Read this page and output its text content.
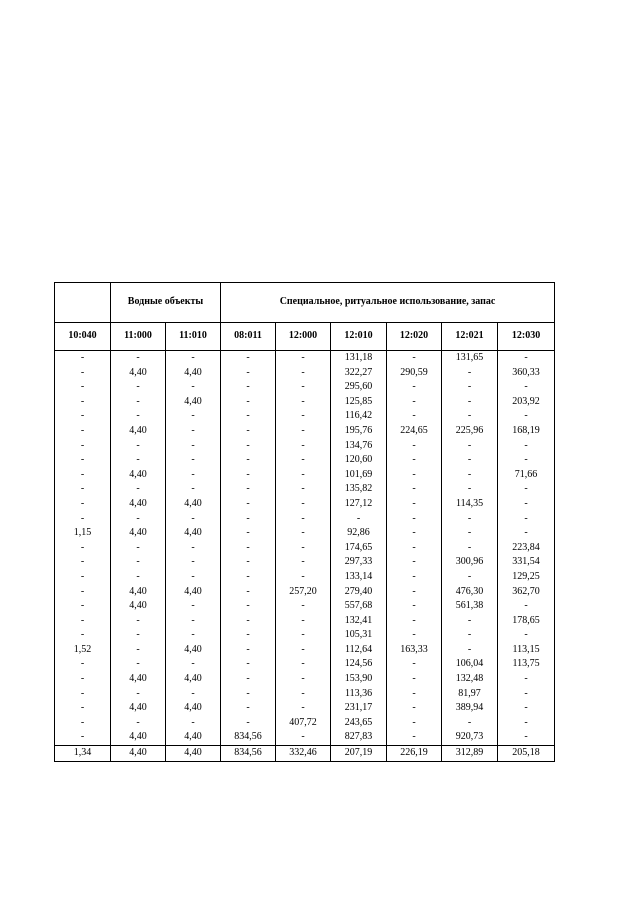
	Водные объекты		Специальное, ритуальное использование, запас					
10:040	11:000	11:010	08:011	12:000	12:010	12:020	12:021	12:030
-	-	-	-	-	131,18	-	131,65	-
-	4,40	4,40	-	-	322,27	290,59	-	360,33
-	-	-	-	-	295,60	-	-	-
-	-	4,40	-	-	125,85	-	-	203,92
-	-	-	-	-	116,42	-	-	-
-	4,40	-	-	-	195,76	224,65	225,96	168,19
-	-	-	-	-	134,76	-	-	-
-	-	-	-	-	120,60	-	-	-
-	4,40	-	-	-	101,69	-	-	71,66
-	-	-	-	-	135,82	-	-	-
-	4,40	4,40	-	-	127,12	-	114,35	-
-	-	-	-	-	-	-	-	-
1,15	4,40	4,40	-	-	92,86	-	-	-
-	-	-	-	-	174,65	-	-	223,84
-	-	-	-	-	297,33	-	300,96	331,54
-	-	-	-	-	133,14	-	-	129,25
-	4,40	4,40	-	257,20	279,40	-	476,30	362,70
-	4,40	-	-	-	557,68	-	561,38	-
-	-	-	-	-	132,41	-	-	178,65
-	-	-	-	-	105,31	-	-	-
1,52	-	4,40	-	-	112,64	163,33	-	113,15
-	-	-	-	-	124,56	-	106,04	113,75
-	4,40	4,40	-	-	153,90	-	132,48	-
-	-	-	-	-	113,36	-	81,97	-
-	4,40	4,40	-	-	231,17	-	389,94	-
-	-	-	-	407,72	243,65	-	-	-
-	4,40	4,40	834,56	-	827,83	-	920,73	-
1,34	4,40	4,40	834,56	332,46	207,19	226,19	312,89	205,18
